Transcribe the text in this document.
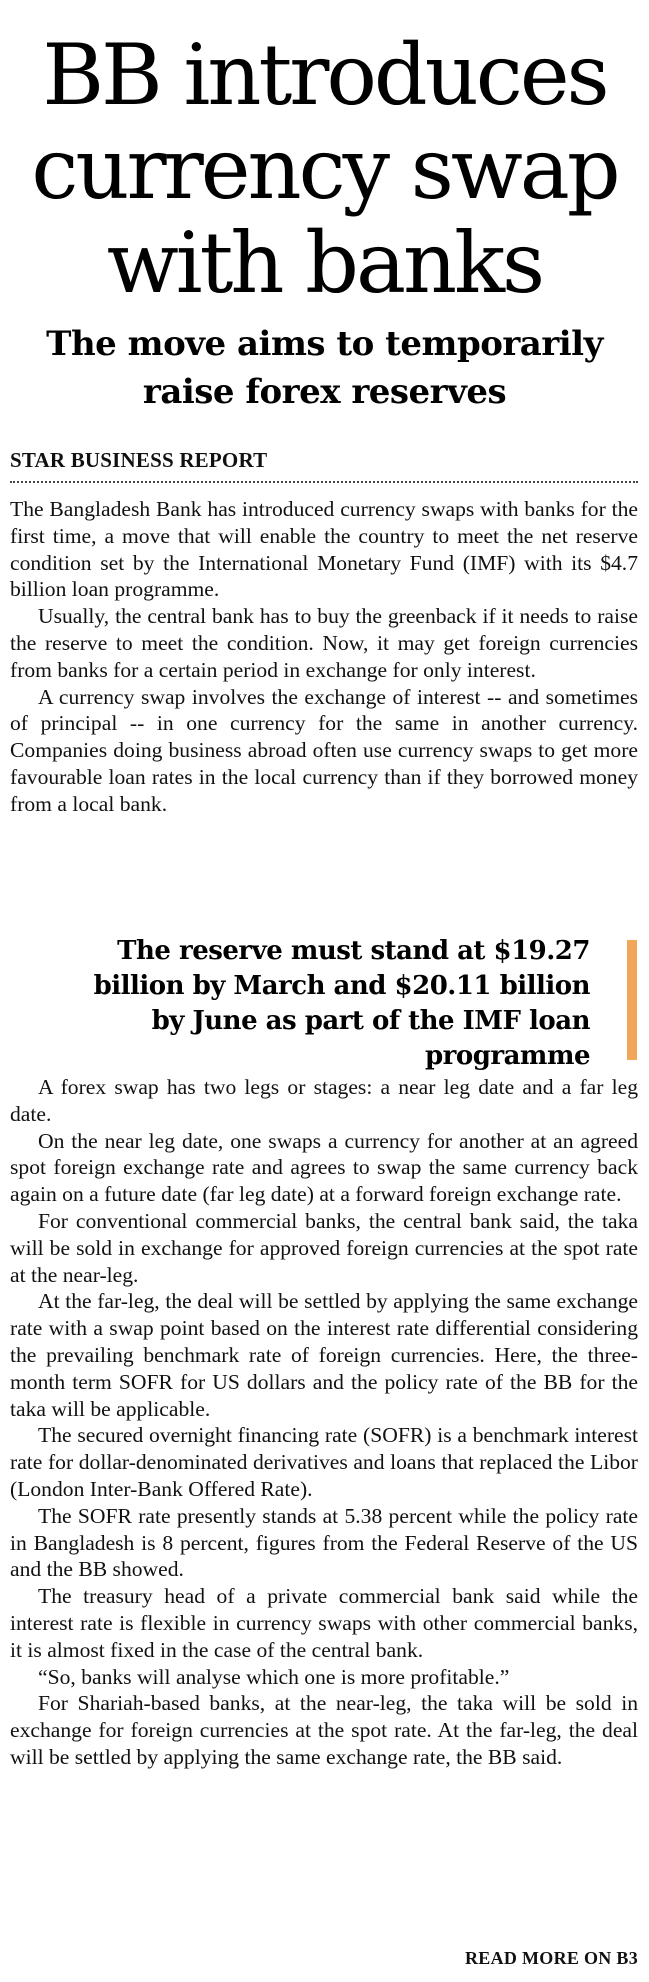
BB introduces currency swap with banks
The move aims to temporarily raise forex reserves
STAR BUSINESS REPORT

The Bangladesh Bank has introduced currency swaps with banks for the first time, a move that will enable the country to meet the net reserve condition set by the International Monetary Fund (IMF) with its $4.7 billion loan programme.

Usually, the central bank has to buy the greenback if it needs to raise the reserve to meet the condition. Now, it may get foreign currencies from banks for a certain period in exchange for only interest.

A currency swap involves the exchange of interest -- and sometimes of principal -- in one currency for the same in another currency. Companies doing business abroad often use currency swaps to get more favourable loan rates in the local currency than if they borrowed money from a local bank.

The reserve must stand at $19.27 billion by March and $20.11 billion by June as part of the IMF loan programme

A forex swap has two legs or stages: a near leg date and a far leg date.

On the near leg date, one swaps a currency for another at an agreed spot foreign exchange rate and agrees to swap the same currency back again on a future date (far leg date) at a forward foreign exchange rate.

For conventional commercial banks, the central bank said, the taka will be sold in exchange for approved foreign currencies at the spot rate at the near-leg.

At the far-leg, the deal will be settled by applying the same exchange rate with a swap point based on the interest rate differential considering the prevailing benchmark rate of foreign currencies. Here, the three-month term SOFR for US dollars and the policy rate of the BB for the taka will be applicable.

The secured overnight financing rate (SOFR) is a benchmark interest rate for dollar-denominated derivatives and loans that replaced the Libor (London Inter-Bank Offered Rate).

The SOFR rate presently stands at 5.38 percent while the policy rate in Bangladesh is 8 percent, figures from the Federal Reserve of the US and the BB showed.

The treasury head of a private commercial bank said while the interest rate is flexible in currency swaps with other commercial banks, it is almost fixed in the case of the central bank.

“So, banks will analyse which one is more profitable.”

For Shariah-based banks, at the near-leg, the taka will be sold in exchange for foreign currencies at the spot rate. At the far-leg, the deal will be settled by applying the same exchange rate, the BB said.

READ MORE ON B3
